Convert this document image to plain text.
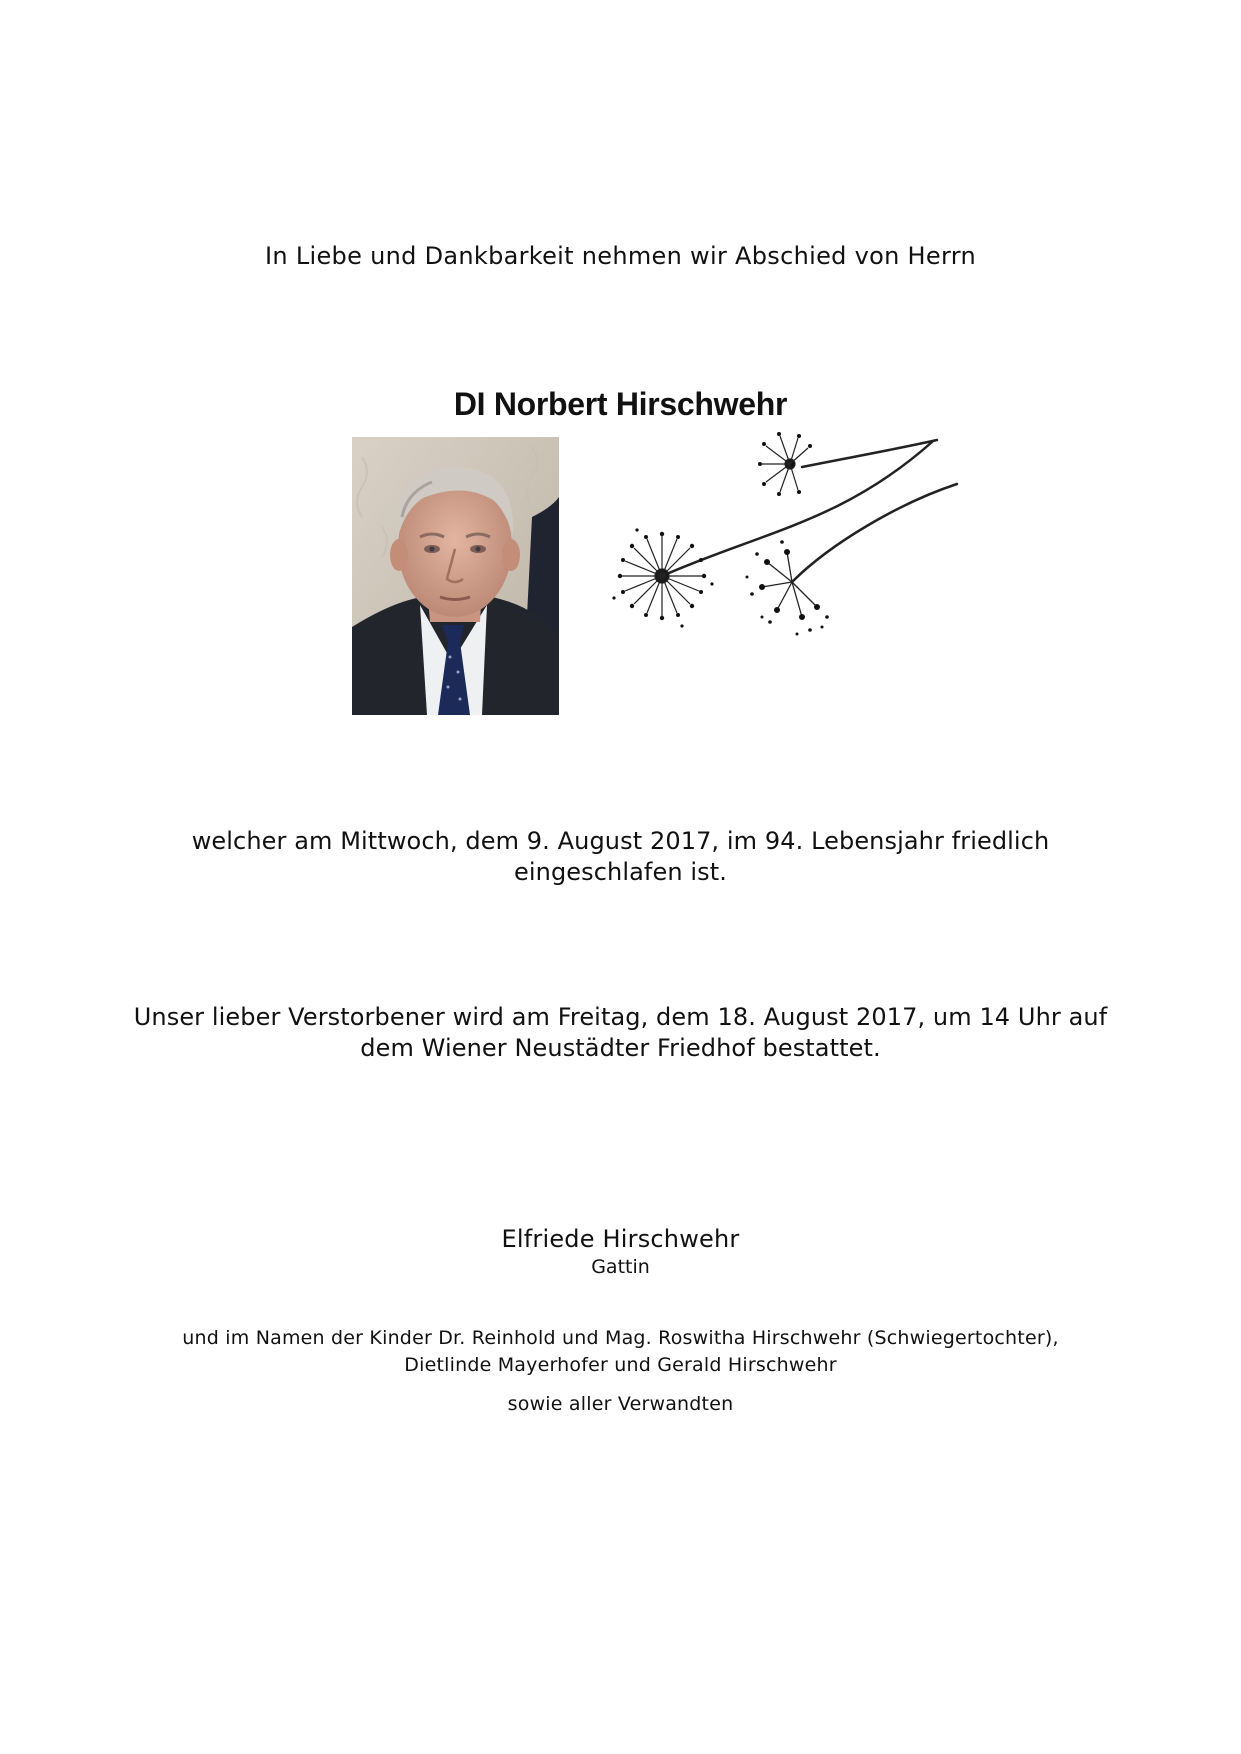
In Liebe und Dankbarkeit nehmen wir Abschied von Herrn
DI Norbert Hirschwehr
welcher am Mittwoch, dem 9. August 2017, im 94. Lebensjahr friedlich eingeschlafen ist.
Unser lieber Verstorbener wird am Freitag, dem 18. August 2017, um 14 Uhr auf dem Wiener Neustädter Friedhof bestattet.
Elfriede Hirschwehr
Gattin
und im Namen der Kinder Dr. Reinhold und Mag. Roswitha Hirschwehr (Schwiegertochter), Dietlinde Mayerhofer und Gerald Hirschwehr
sowie aller Verwandten
